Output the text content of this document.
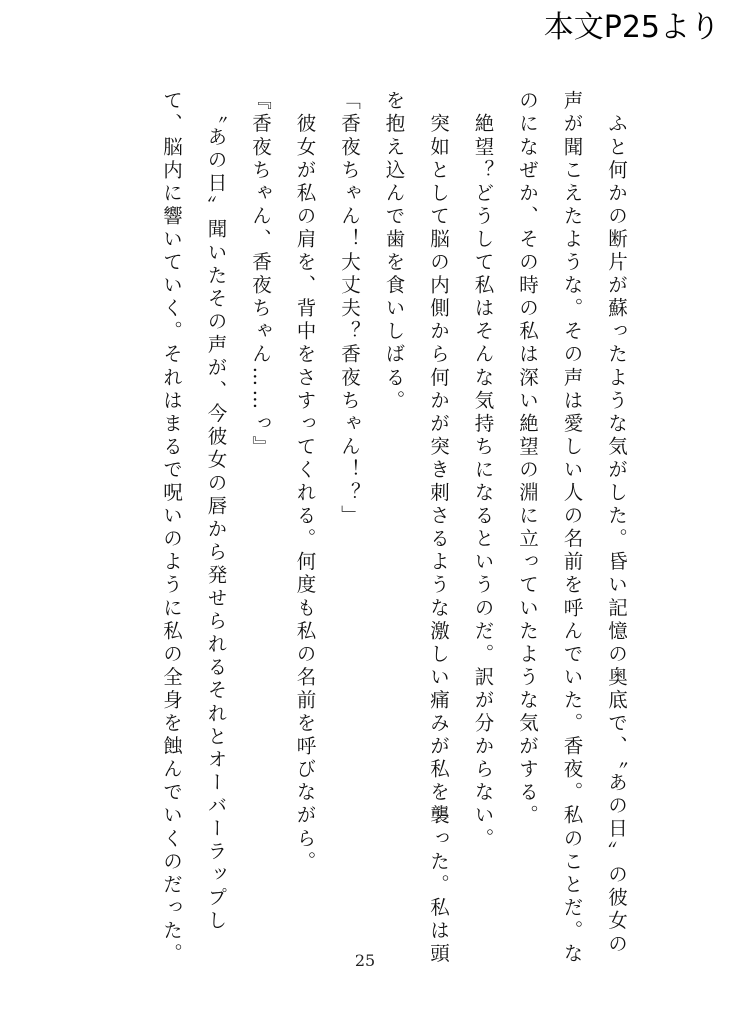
本文P25より

　ふと何かの断片が蘇ったような気がした。昏い記憶の奥底で、〝あの日〟の彼女の声が聞こえたような。その声は愛しい人の名前を呼んでいた。香夜。私のことだ。なのになぜか、その時の私は深い絶望の淵に立っていたような気がする。

　絶望？どうして私はそんな気持ちになるというのだ。訳が分からない。

　突如として脳の内側から何かが突き刺さるような激しい痛みが私を襲った。私は頭を抱え込んで歯を食いしばる。

「香夜ちゃん！大丈夫？香夜ちゃん！？」

　彼女が私の肩を、背中をさすってくれる。何度も私の名前を呼びながら。

『香夜ちゃん、香夜ちゃん……っ』

　〝あの日〟聞いたその声が、今彼女の唇から発せられるそれとオーバーラップして、脳内に響いていく。それはまるで呪いのように私の全身を蝕んでいくのだった。	25
